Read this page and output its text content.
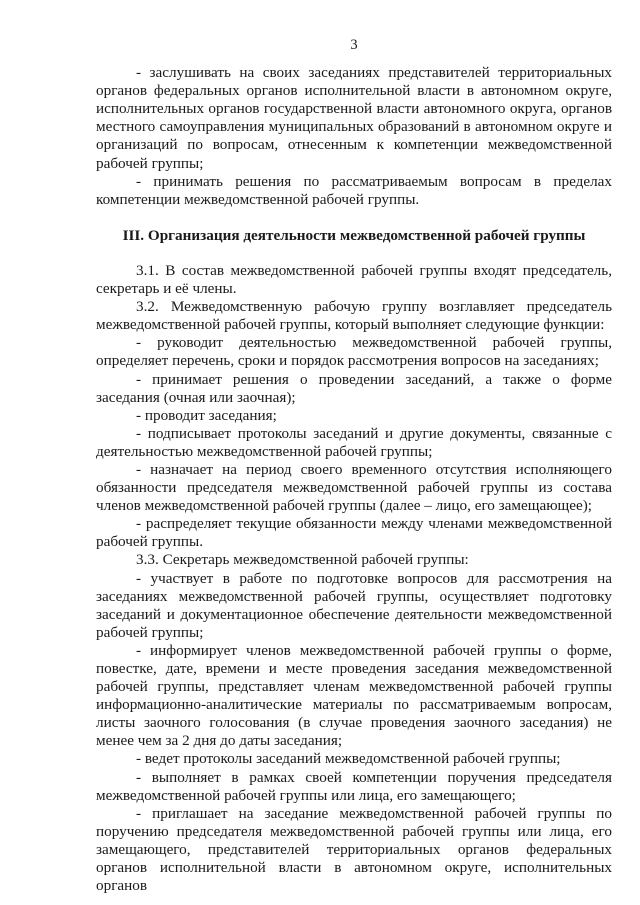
3

- заслушивать на своих заседаниях представителей территориальных органов федеральных органов исполнительной власти в автономном округе, исполнительных органов государственной власти автономного округа, органов местного самоуправления муниципальных образований в автономном округе и организаций по вопросам, отнесенным к компетенции межведомственной рабочей группы;

- принимать решения по рассматриваемым вопросам в пределах компетенции межведомственной рабочей группы.

III. Организация деятельности межведомственной рабочей группы

3.1. В состав межведомственной рабочей группы входят председатель, секретарь и её члены.

3.2. Межведомственную рабочую группу возглавляет председатель межведомственной рабочей группы, который выполняет следующие функции:

- руководит деятельностью межведомственной рабочей группы, определяет перечень, сроки и порядок рассмотрения вопросов на заседаниях;

- принимает решения о проведении заседаний, а также о форме заседания (очная или заочная);

- проводит заседания;

- подписывает протоколы заседаний и другие документы, связанные с деятельностью межведомственной рабочей группы;

- назначает на период своего временного отсутствия исполняющего обязанности председателя межведомственной рабочей группы из состава членов межведомственной рабочей группы (далее – лицо, его замещающее);

- распределяет текущие обязанности между членами межведомственной рабочей группы.

3.3. Секретарь межведомственной рабочей группы:

- участвует в работе по подготовке вопросов для рассмотрения на заседаниях межведомственной рабочей группы, осуществляет подготовку заседаний и документационное обеспечение деятельности межведомственной рабочей группы;

- информирует членов межведомственной рабочей группы о форме, повестке, дате, времени и месте проведения заседания межведомственной рабочей группы, представляет членам межведомственной рабочей группы информационно-аналитические материалы по рассматриваемым вопросам, листы заочного голосования (в случае проведения заочного заседания) не менее чем за 2 дня до даты заседания;

- ведет протоколы заседаний межведомственной рабочей группы;

- выполняет в рамках своей компетенции поручения председателя межведомственной рабочей группы или лица, его замещающего;

- приглашает на заседание межведомственной рабочей группы по поручению председателя межведомственной рабочей группы или лица, его замещающего, представителей территориальных органов федеральных органов исполнительной власти в автономном округе, исполнительных органов
